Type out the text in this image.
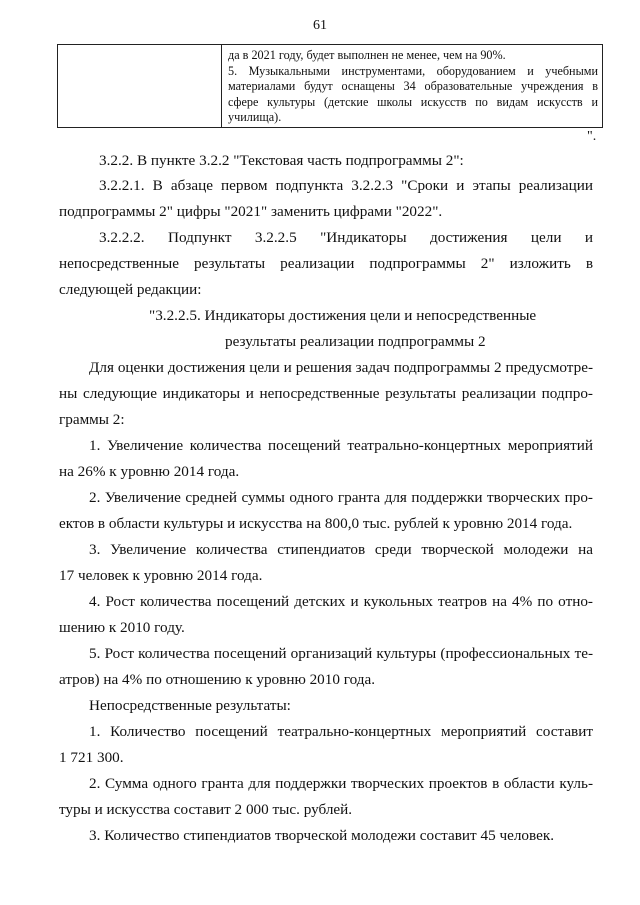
61
да в 2021 году, будет выполнен не менее, чем на 90%.
5. Музыкальными инструментами, оборудованием и учебными
материалами будут оснащены 34 образовательные учреждения в
сфере культуры (детские школы искусств по видам искусств и
училища).
".
3.2.2. В пункте 3.2.2 "Текстовая часть подпрограммы 2":
3.2.2.1. В абзаце первом подпункта 3.2.2.3 "Сроки и этапы реализации
подпрограммы 2" цифры "2021" заменить цифрами "2022".
3.2.2.2. Подпункт 3.2.2.5 "Индикаторы достижения цели и
непосредственные результаты реализации подпрограммы 2" изложить в
следующей редакции:
"3.2.2.5. Индикаторы достижения цели и непосредственные
результаты реализации подпрограммы 2
Для оценки достижения цели и решения задач подпрограммы 2 предусмотре-
ны следующие индикаторы и непосредственные результаты реализации подпро-
граммы 2:
1. Увеличение количества посещений театрально-концертных мероприятий
на 26% к уровню 2014 года.
2. Увеличение средней суммы одного гранта для поддержки творческих про-
ектов в области культуры и искусства на 800,0 тыс. рублей к уровню 2014 года.
3. Увеличение количества стипендиатов среди творческой молодежи на
17 человек к уровню 2014 года.
4. Рост количества посещений детских и кукольных театров на 4% по отно-
шению к 2010 году.
5. Рост количества посещений организаций культуры (профессиональных те-
атров) на 4% по отношению к уровню 2010 года.
Непосредственные результаты:
1. Количество посещений театрально-концертных мероприятий составит
1 721 300.
2. Сумма одного гранта для поддержки творческих проектов в области куль-
туры и искусства составит 2 000 тыс. рублей.
3. Количество стипендиатов творческой молодежи составит 45 человек.
